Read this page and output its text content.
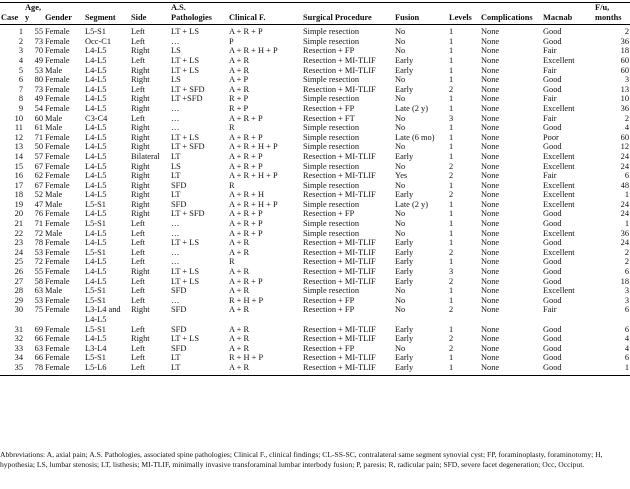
Case	Age, y	Gender	Segment	Side	A.S. Pathologies	Clinical F.	Surgical Procedure	Fusion	Levels	Complications	Macnab	F/u, months
1	55	Female	L5-S1	Left	LT + LS	A + R + P	Simple resection	No	1	None	Good	2
2	73	Female	Occ-C1	Left	…	P	Simple resection	No	1	None	Good	36
3	70	Female	L4-L5	Right	LS	A + R + H + P	Resection + FP	No	1	None	Fair	18
4	49	Female	L4-L5	Left	LT + LS	A + R	Resection + MI-TLIF	Early	1	None	Excellent	60
5	53	Male	L4-L5	Right	LT + LS	A + R	Resection + MI-TLIF	Early	1	None	Fair	60
6	80	Female	L4-L5	Right	LS	A + P	Simple resection	No	1	None	Good	3
7	73	Female	L4-L5	Left	LT + SFD	A + R	Resection + MI-TLIF	Early	2	None	Good	13
8	49	Female	L4-L5	Right	LT +SFD	R + P	Simple resection	No	1	None	Fair	10
9	54	Female	L4-L5	Right	…	R + P	Resection + FP	Late (2 y)	1	None	Excellent	36
10	60	Male	C3-C4	Left	…	A + R + P	Resection + FT	No	3	None	Fair	2
11	61	Male	L4-L5	Right	…	R	Simple resection	No	1	None	Good	4
12	71	Female	L4-L5	Right	LT + LS	A + R + P	Simple resection	Late (6 mo)	1	None	Poor	60
13	50	Female	L4-L5	Right	LT + SFD	A + R + H + P	Simple resection	No	1	None	Good	12
14	57	Female	L4-L5	Bilateral	LT	A + R + P	Resection + MI-TLIF	Early	1	None	Excellent	24
15	67	Female	L4-L5	Right	LS	A + R + P	Simple resection	No	2	None	Excellent	24
16	62	Female	L4-L5	Right	LT	A + R + H + P	Resection + MI-TLIF	Yes	2	None	Fair	6
17	67	Female	L4-L5	Right	SFD	R	Simple resection	No	1	None	Excellent	48
18	52	Male	L4-L5	Right	LT	A + R + H	Resection + MI-TLIF	Early	2	None	Excellent	1
19	47	Male	L5-S1	Right	SFD	A + R + H + P	Simple resection	Late (2 y)	1	None	Excellent	24
20	76	Female	L4-L5	Right	LT + SFD	A + R + P	Resection + FP	No	1	None	Good	24
21	71	Female	L5-S1	Left	…	A + R + P	Simple resection	No	1	None	Good	1
22	72	Male	L4-L5	Left	…	A + R + P	Simple resection	No	1	None	Excellent	36
23	78	Female	L4-L5	Left	LT + LS	A + R	Resection + MI-TLIF	Early	1	None	Good	24
24	53	Female	L5-S1	Left	…	A + R	Resection + MI-TLIF	Early	2	None	Excellent	2
25	72	Female	L4-L5	Left	…	R	Resection + MI-TLIF	Early	1	None	Good	2
26	55	Female	L4-L5	Right	LT + LS	A + R	Resection + MI-TLIF	Early	3	None	Good	6
27	58	Female	L4-L5	Left	LT + LS	A + R + P	Resection + MI-TLIF	Early	2	None	Good	18
28	63	Male	L5-S1	Left	SFD	A + R	Simple resection	No	1	None	Excellent	3
29	53	Female	L5-S1	Left	…	R + H + P	Resection + FP	No	1	None	Good	3
30	75	Female	L3-L4 and L4-L5	Right	SFD	A + R	Resection + FP	No	2	None	Fair	6
31	69	Female	L5-S1	Left	SFD	A + R	Resection + MI-TLIF	Early	1	None	Good	6
32	66	Female	L4-L5	Right	LT + LS	A + R	Resection + MI-TLIF	Early	2	None	Good	4
33	63	Female	L3-L4	Left	SFD	A + R	Resection + FP	No	2	None	Good	4
34	66	Female	L5-S1	Left	LT	R + H + P	Resection + MI-TLIF	Early	1	None	Good	6
35	78	Female	L5-L6	Left	LT	A + R	Resection + MI-TLIF	Early	1	None	Good	1
Abbreviations: A, axial pain; A.S. Pathologies, associated spine pathologies; Clinical F., clinical findings; CL-SS-SC, contralateral same segment synovial cyst; FP, foraminoplasty, foraminotomy; H, hypothesia; LS, lumbar stenosis; LT, listhesis; MI-TLIF, minimally invasive transforaminal lumbar interbody fusion; P, paresis; R, radicular pain; SFD, severe facet degeneration; Occ, Occiput.
